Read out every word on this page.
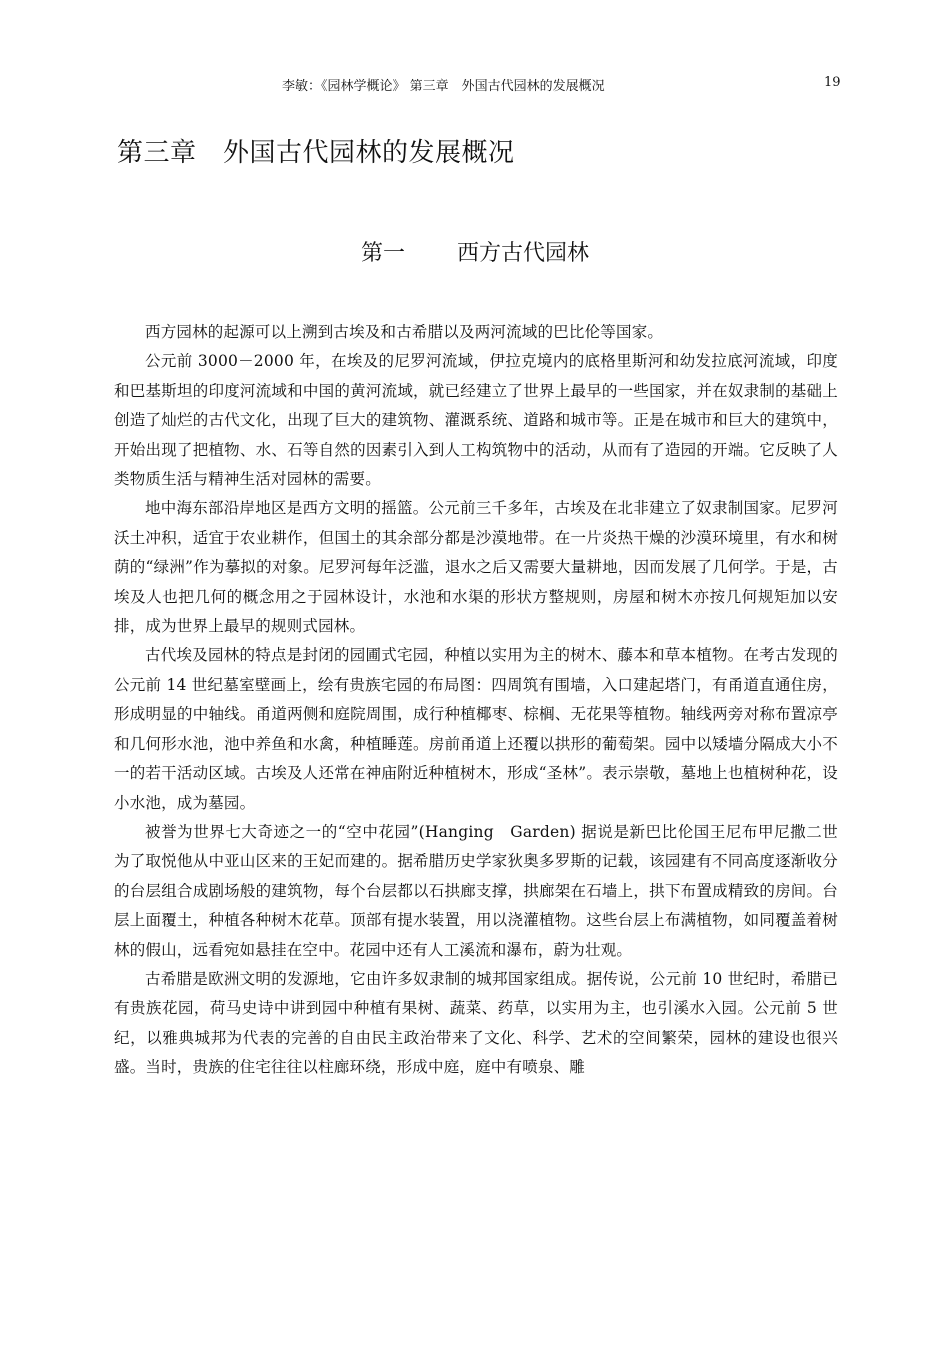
李敏：《园林学概论》 第三章　外国古代园林的发展概况	19
第三章　外国古代园林的发展概况
第一 西方古代园林

西方园林的起源可以上溯到古埃及和古希腊以及两河流域的巴比伦等国家。

公元前 3000－2000 年，在埃及的尼罗河流域，伊拉克境内的底格里斯河和幼发拉底河流域，印度和巴基斯坦的印度河流域和中国的黄河流域，就已经建立了世界上最早的一些国家，并在奴隶制的基础上创造了灿烂的古代文化，出现了巨大的建筑物、灌溉系统、道路和城市等。正是在城市和巨大的建筑中，开始出现了把植物、水、石等自然的因素引入到人工构筑物中的活动，从而有了造园的开端。它反映了人类物质生活与精神生活对园林的需要。

地中海东部沿岸地区是西方文明的摇篮。公元前三千多年，古埃及在北非建立了奴隶制国家。尼罗河沃土冲积，适宜于农业耕作，但国土的其余部分都是沙漠地带。在一片炎热干燥的沙漠环境里，有水和树荫的“绿洲”作为摹拟的对象。尼罗河每年泛滥，退水之后又需要大量耕地，因而发展了几何学。于是，古埃及人也把几何的概念用之于园林设计，水池和水渠的形状方整规则，房屋和树木亦按几何规矩加以安排，成为世界上最早的规则式园林。

古代埃及园林的特点是封闭的园圃式宅园，种植以实用为主的树木、藤本和草本植物。在考古发现的公元前 14 世纪墓室壁画上，绘有贵族宅园的布局图：四周筑有围墙，入口建起塔门，有甬道直通住房，形成明显的中轴线。甬道两侧和庭院周围，成行种植椰枣、棕榈、无花果等植物。轴线两旁对称布置凉亭和几何形水池，池中养鱼和水禽，种植睡莲。房前甬道上还覆以拱形的葡萄架。园中以矮墙分隔成大小不一的若干活动区域。古埃及人还常在神庙附近种植树木，形成“圣林”。表示崇敬，墓地上也植树种花，设小水池，成为墓园。

被誉为世界七大奇迹之一的“空中花园”(Hanging　Garden) 据说是新巴比伦国王尼布甲尼撒二世为了取悦他从中亚山区来的王妃而建的。据希腊历史学家狄奥多罗斯的记载，该园建有不同高度逐渐收分的台层组合成剧场般的建筑物，每个台层都以石拱廊支撑，拱廊架在石墙上，拱下布置成精致的房间。台层上面覆土，种植各种树木花草。顶部有提水装置，用以浇灌植物。这些台层上布满植物，如同覆盖着树林的假山，远看宛如悬挂在空中。花园中还有人工溪流和瀑布，蔚为壮观。

古希腊是欧洲文明的发源地，它由许多奴隶制的城邦国家组成。据传说，公元前 10 世纪时，希腊已有贵族花园，荷马史诗中讲到园中种植有果树、蔬菜、药草，以实用为主，也引溪水入园。公元前 5 世纪，以雅典城邦为代表的完善的自由民主政治带来了文化、科学、艺术的空间繁荣，园林的建设也很兴盛。当时，贵族的住宅往往以柱廊环绕，形成中庭，庭中有喷泉、雕
